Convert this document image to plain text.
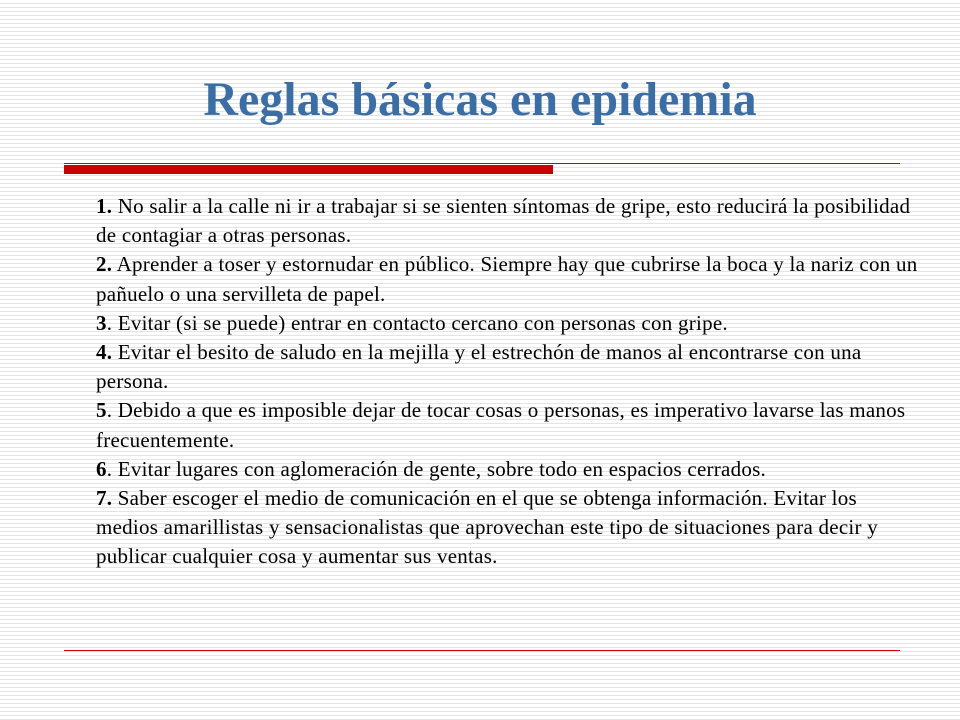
Reglas básicas en epidemia

1. No salir a la calle ni ir a trabajar si se sienten síntomas de gripe, esto reducirá la posibilidad de contagiar a otras personas.

2. Aprender a toser y estornudar en público. Siempre hay que cubrirse la boca y la nariz con un pañuelo o una servilleta de papel.

3. Evitar (si se puede) entrar en contacto cercano con personas con gripe.

4. Evitar el besito de saludo en la mejilla y el estrechón de manos al encontrarse con una persona.

5. Debido a que es imposible dejar de tocar cosas o personas, es imperativo lavarse las manos frecuentemente.

6. Evitar lugares con aglomeración de gente, sobre todo en espacios cerrados.

7. Saber escoger el medio de comunicación en el que se obtenga información. Evitar los medios amarillistas y sensacionalistas que aprovechan este tipo de situaciones para decir y publicar cualquier cosa y aumentar sus ventas.
